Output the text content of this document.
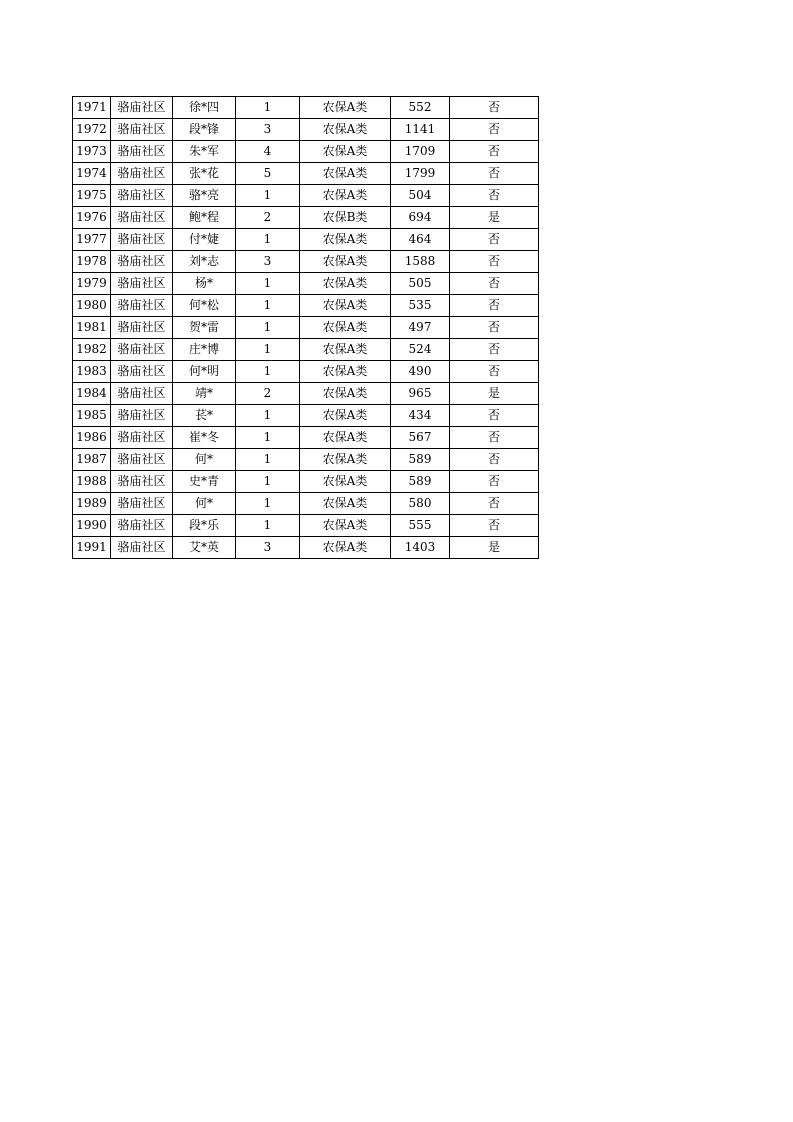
1971	骆庙社区	徐*四	1	农保A类	552	否
1972	骆庙社区	段*锋	3	农保A类	1141	否
1973	骆庙社区	朱*军	4	农保A类	1709	否
1974	骆庙社区	张*花	5	农保A类	1799	否
1975	骆庙社区	骆*亮	1	农保A类	504	否
1976	骆庙社区	鲍*程	2	农保B类	694	是
1977	骆庙社区	付*婕	1	农保A类	464	否
1978	骆庙社区	刘*志	3	农保A类	1588	否
1979	骆庙社区	杨*	1	农保A类	505	否
1980	骆庙社区	何*松	1	农保A类	535	否
1981	骆庙社区	贺*雷	1	农保A类	497	否
1982	骆庙社区	庄*博	1	农保A类	524	否
1983	骆庙社区	何*明	1	农保A类	490	否
1984	骆庙社区	靖*	2	农保A类	965	是
1985	骆庙社区	苌*	1	农保A类	434	否
1986	骆庙社区	崔*冬	1	农保A类	567	否
1987	骆庙社区	何*	1	农保A类	589	否
1988	骆庙社区	史*青	1	农保A类	589	否
1989	骆庙社区	何*	1	农保A类	580	否
1990	骆庙社区	段*乐	1	农保A类	555	否
1991	骆庙社区	艾*英	3	农保A类	1403	是
